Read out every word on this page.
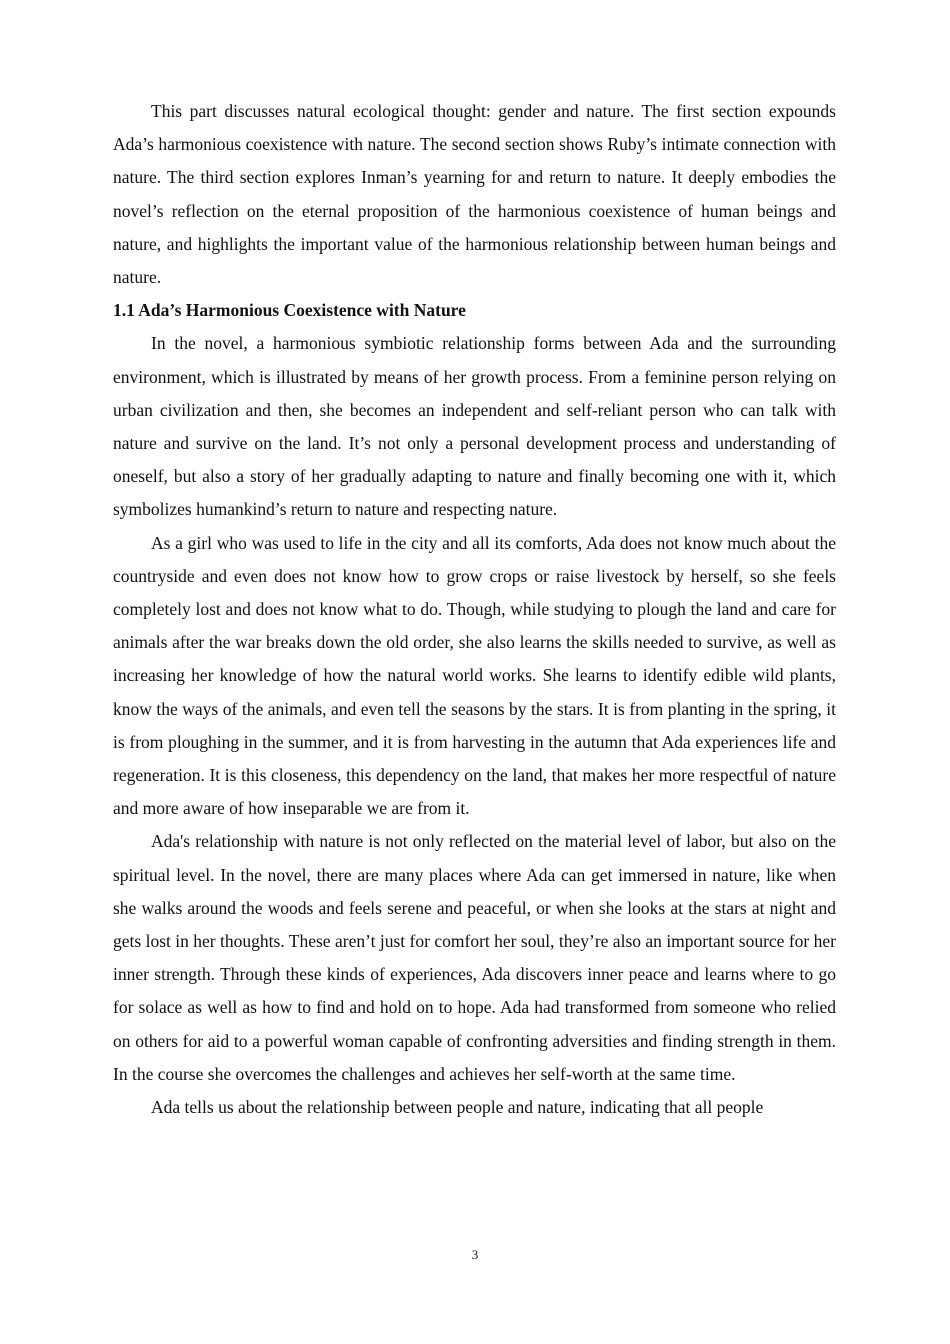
This part discusses natural ecological thought: gender and nature. The first section expounds Ada’s harmonious coexistence with nature. The second section shows Ruby’s intimate connection with nature. The third section explores Inman’s yearning for and return to nature. It deeply embodies the novel’s reflection on the eternal proposition of the harmonious coexistence of human beings and nature, and highlights the important value of the harmonious relationship between human beings and nature.

1.1 Ada’s Harmonious Coexistence with Nature

In the novel, a harmonious symbiotic relationship forms between Ada and the surrounding environment, which is illustrated by means of her growth process. From a feminine person relying on urban civilization and then, she becomes an independent and self-reliant person who can talk with nature and survive on the land. It’s not only a personal development process and understanding of oneself, but also a story of her gradually adapting to nature and finally becoming one with it, which symbolizes humankind’s return to nature and respecting nature.

As a girl who was used to life in the city and all its comforts, Ada does not know much about the countryside and even does not know how to grow crops or raise livestock by herself, so she feels completely lost and does not know what to do. Though, while studying to plough the land and care for animals after the war breaks down the old order, she also learns the skills needed to survive, as well as increasing her knowledge of how the natural world works. She learns to identify edible wild plants, know the ways of the animals, and even tell the seasons by the stars. It is from planting in the spring, it is from ploughing in the summer, and it is from harvesting in the autumn that Ada experiences life and regeneration. It is this closeness, this dependency on the land, that makes her more respectful of nature and more aware of how inseparable we are from it.

Ada's relationship with nature is not only reflected on the material level of labor, but also on the spiritual level. In the novel, there are many places where Ada can get immersed in nature, like when she walks around the woods and feels serene and peaceful, or when she looks at the stars at night and gets lost in her thoughts. These aren’t just for comfort her soul, they’re also an important source for her inner strength. Through these kinds of experiences, Ada discovers inner peace and learns where to go for solace as well as how to find and hold on to hope. Ada had transformed from someone who relied on others for aid to a powerful woman capable of confronting adversities and finding strength in them. In the course she overcomes the challenges and achieves her self-worth at the same time.

Ada tells us about the relationship between people and nature, indicating that all people

3
